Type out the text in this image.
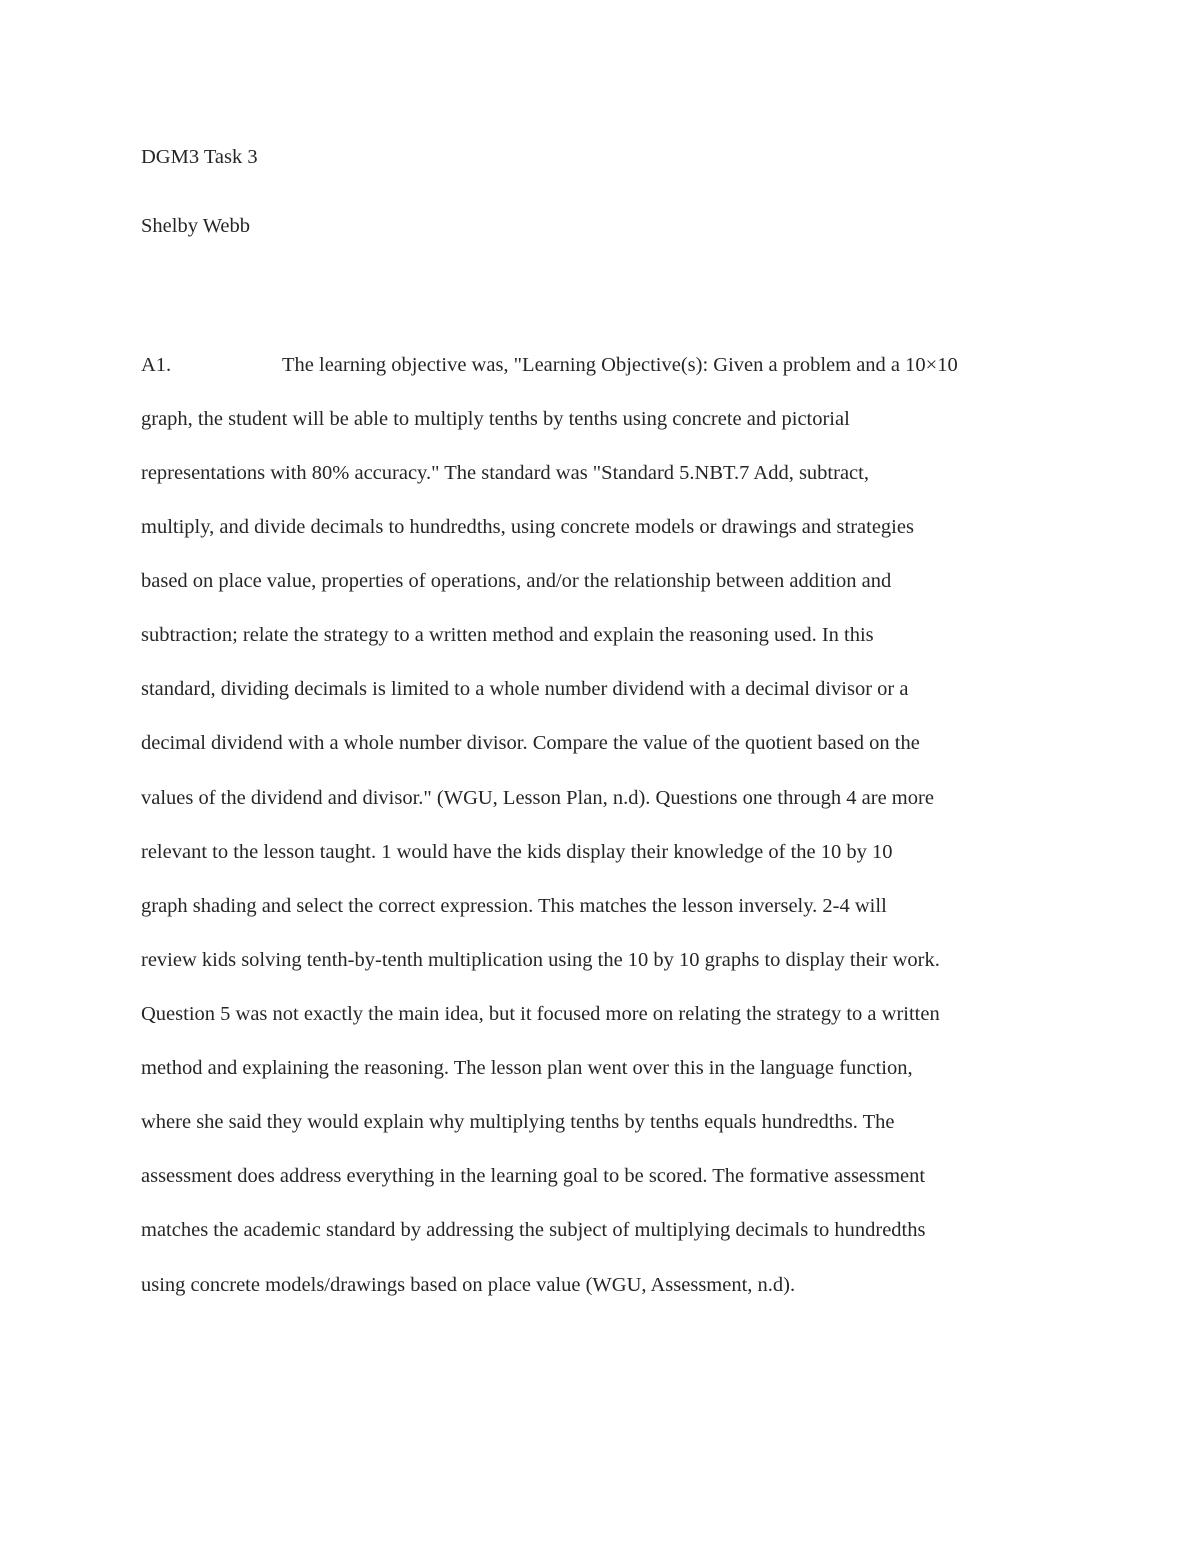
DGM3 Task 3
Shelby Webb
A1.	The learning objective was, "Learning Objective(s): Given a problem and a 10×10
graph, the student will be able to multiply tenths by tenths using concrete and pictorial
representations with 80% accuracy." The standard was "Standard 5.NBT.7 Add, subtract,
multiply, and divide decimals to hundredths, using concrete models or drawings and strategies
based on place value, properties of operations, and/or the relationship between addition and
subtraction; relate the strategy to a written method and explain the reasoning used. In this
standard, dividing decimals is limited to a whole number dividend with a decimal divisor or a
decimal dividend with a whole number divisor. Compare the value of the quotient based on the
values of the dividend and divisor." (WGU, Lesson Plan, n.d). Questions one through 4 are more
relevant to the lesson taught. 1 would have the kids display their knowledge of the 10 by 10
graph shading and select the correct expression. This matches the lesson inversely. 2-4 will
review kids solving tenth-by-tenth multiplication using the 10 by 10 graphs to display their work.
Question 5 was not exactly the main idea, but it focused more on relating the strategy to a written
method and explaining the reasoning. The lesson plan went over this in the language function,
where she said they would explain why multiplying tenths by tenths equals hundredths. The
assessment does address everything in the learning goal to be scored. The formative assessment
matches the academic standard by addressing the subject of multiplying decimals to hundredths
using concrete models/drawings based on place value (WGU, Assessment, n.d).
